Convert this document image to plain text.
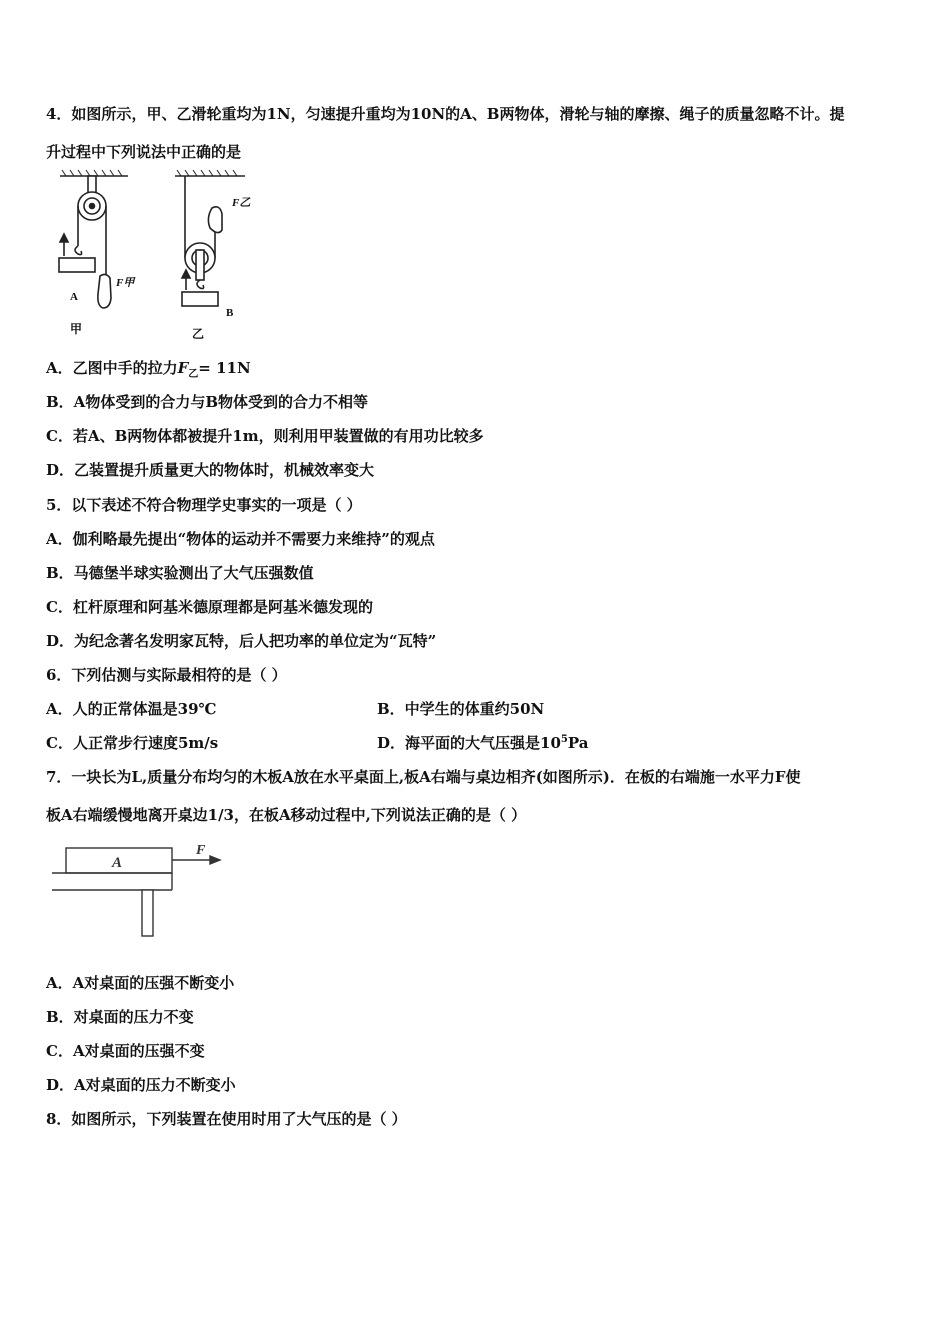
4．如图所示，甲、乙滑轮重均为1N，匀速提升重均为10N的A、B两物体，滑轮与轴的摩擦、绳子的质量忽略不计。提
升过程中下列说法中正确的是
A
F甲
F乙
B
甲	乙
A．乙图中手的拉力$F_乙= 11N$
B．A物体受到的合力与B物体受到的合力不相等
C．若A、B两物体都被提升1m，则利用甲装置做的有用功比较多
D．乙装置提升质量更大的物体时，机械效率变大
5．以下表述不符合物理学史事实的一项是（ ）
A．伽利略最先提出“物体的运动并不需要力来维持”的观点
B．马德堡半球实验测出了大气压强数值
C．杠杆原理和阿基米德原理都是阿基米德发现的
D．为纪念著名发明家瓦特，后人把功率的单位定为“瓦特”
6．下列估测与实际最相符的是（ ）
A．人的正常体温是39℃	B．中学生的体重约50N
C．人正常步行速度5m/s	D．海平面的大气压强是$10^5Pa$
7．一块长为L,质量分布均匀的木板A放在水平桌面上,板A右端与桌边相齐(如图所示)．在板的右端施一水平力F使
板A右端缓慢地离开桌边1/3，在板A移动过程中,下列说法正确的是（ ）
A
F
A．A对桌面的压强不断变小
B．对桌面的压力不变
C．A对桌面的压强不变
D．A对桌面的压力不断变小
8．如图所示，下列装置在使用时用了大气压的是（ ）
